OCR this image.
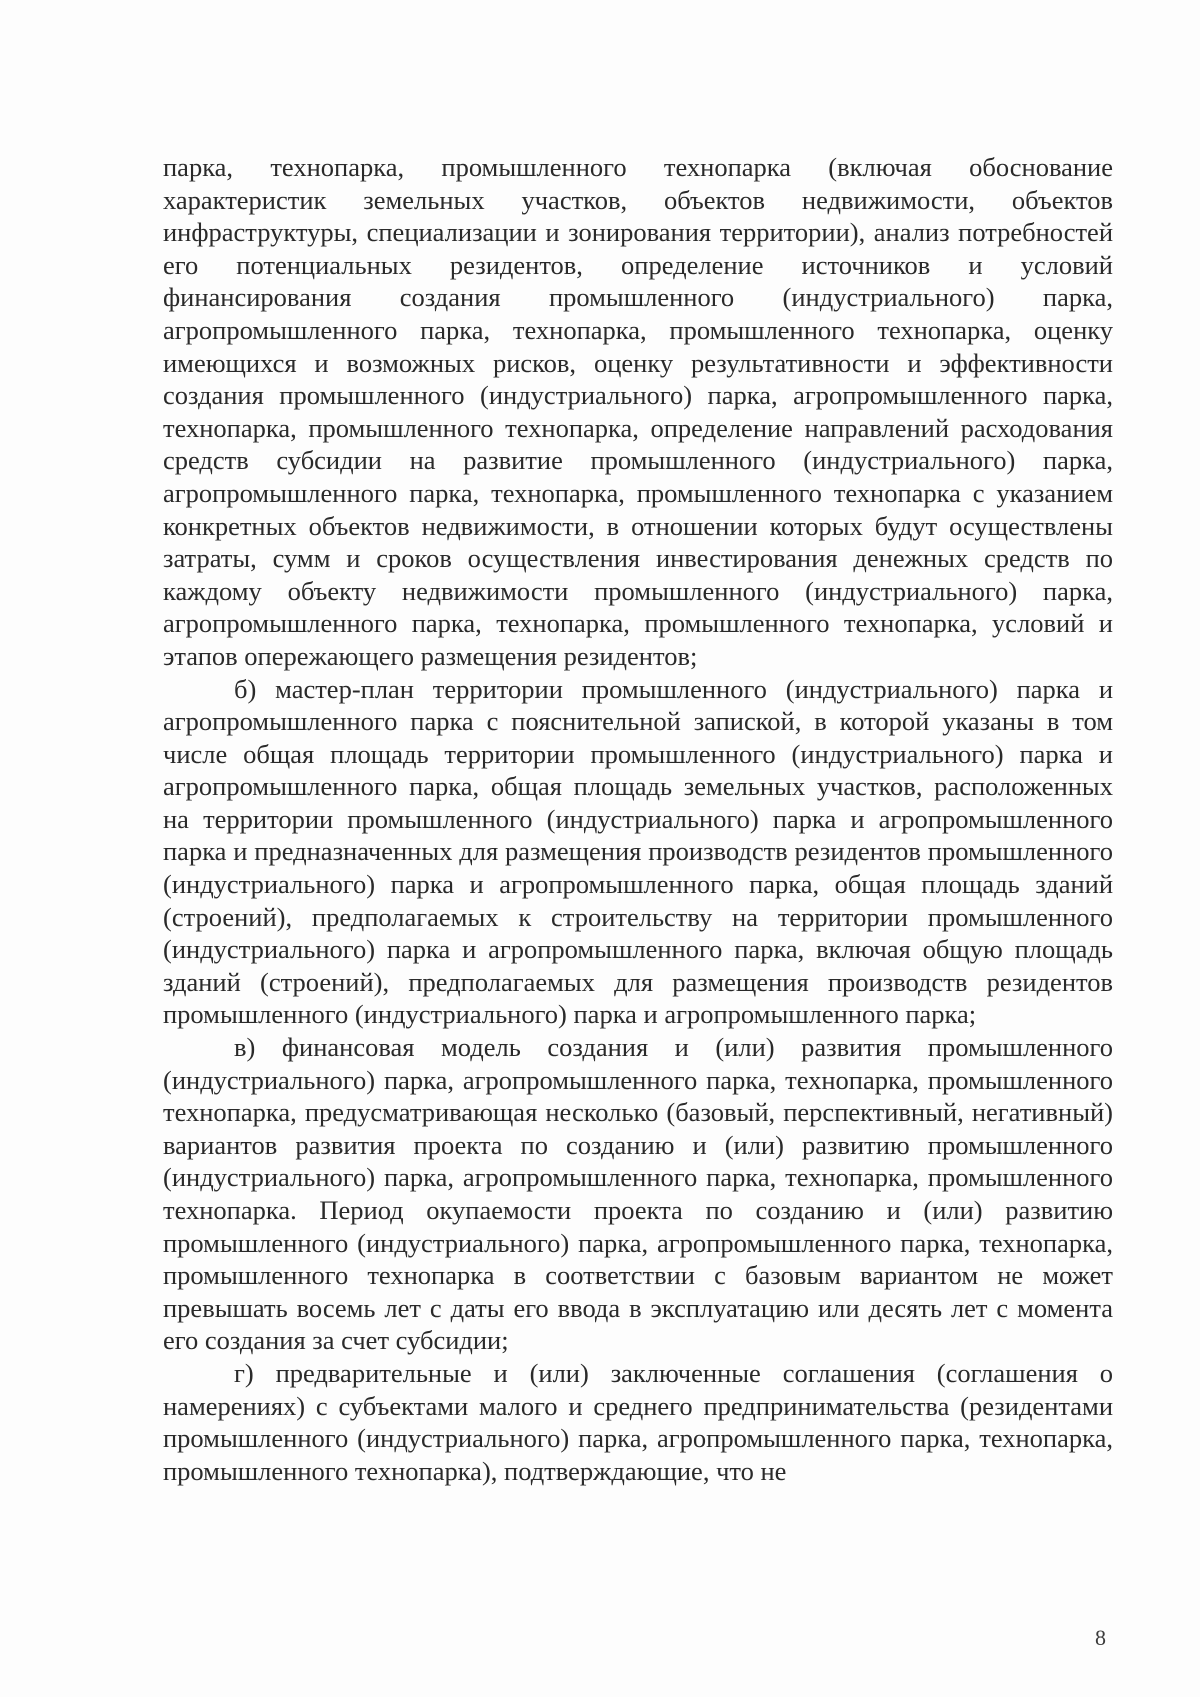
парка, технопарка, промышленного технопарка (включая обоснование характеристик земельных участков, объектов недвижимости, объектов инфраструктуры, специализации и зонирования территории), анализ потребностей его потенциальных резидентов, определение источников и условий финансирования создания промышленного (индустриального) парка, агропромышленного парка, технопарка, промышленного технопарка, оценку имеющихся и возможных рисков, оценку результативности и эффективности создания промышленного (индустриального) парка, агропромышленного парка, технопарка, промышленного технопарка, определение направлений расходования средств субсидии на развитие промышленного (индустриального) парка, агропромышленного парка, технопарка, промышленного технопарка с указанием конкретных объектов недвижимости, в отношении которых будут осуществлены затраты, сумм и сроков осуществления инвестирования денежных средств по каждому объекту недвижимости промышленного (индустриального) парка, агропромышленного парка, технопарка, промышленного технопарка, условий и этапов опережающего размещения резидентов;

б) мастер-план территории промышленного (индустриального) парка и агропромышленного парка с пояснительной запиской, в которой указаны в том числе общая площадь территории промышленного (индустриального) парка и агропромышленного парка, общая площадь земельных участков, расположенных на территории промышленного (индустриального) парка и агропромышленного парка и предназначенных для размещения производств резидентов промышленного (индустриального) парка и агропромышленного парка, общая площадь зданий (строений), предполагаемых к строительству на территории промышленного (индустриального) парка и агропромышленного парка, включая общую площадь зданий (строений), предполагаемых для размещения производств резидентов промышленного (индустриального) парка и агропромышленного парка;

в) финансовая модель создания и (или) развития промышленного (индустриального) парка, агропромышленного парка, технопарка, промышленного технопарка, предусматривающая несколько (базовый, перспективный, негативный) вариантов развития проекта по созданию и (или) развитию промышленного (индустриального) парка, агропромышленного парка, технопарка, промышленного технопарка. Период окупаемости проекта по созданию и (или) развитию промышленного (индустриального) парка, агропромышленного парка, технопарка, промышленного технопарка в соответствии с базовым вариантом не может превышать восемь лет с даты его ввода в эксплуатацию или десять лет с момента его создания за счет субсидии;

г) предварительные и (или) заключенные соглашения (соглашения о намерениях) с субъектами малого и среднего предпринимательства (резидентами промышленного (индустриального) парка, агропромышленного парка, технопарка, промышленного технопарка), подтверждающие, что не

8
